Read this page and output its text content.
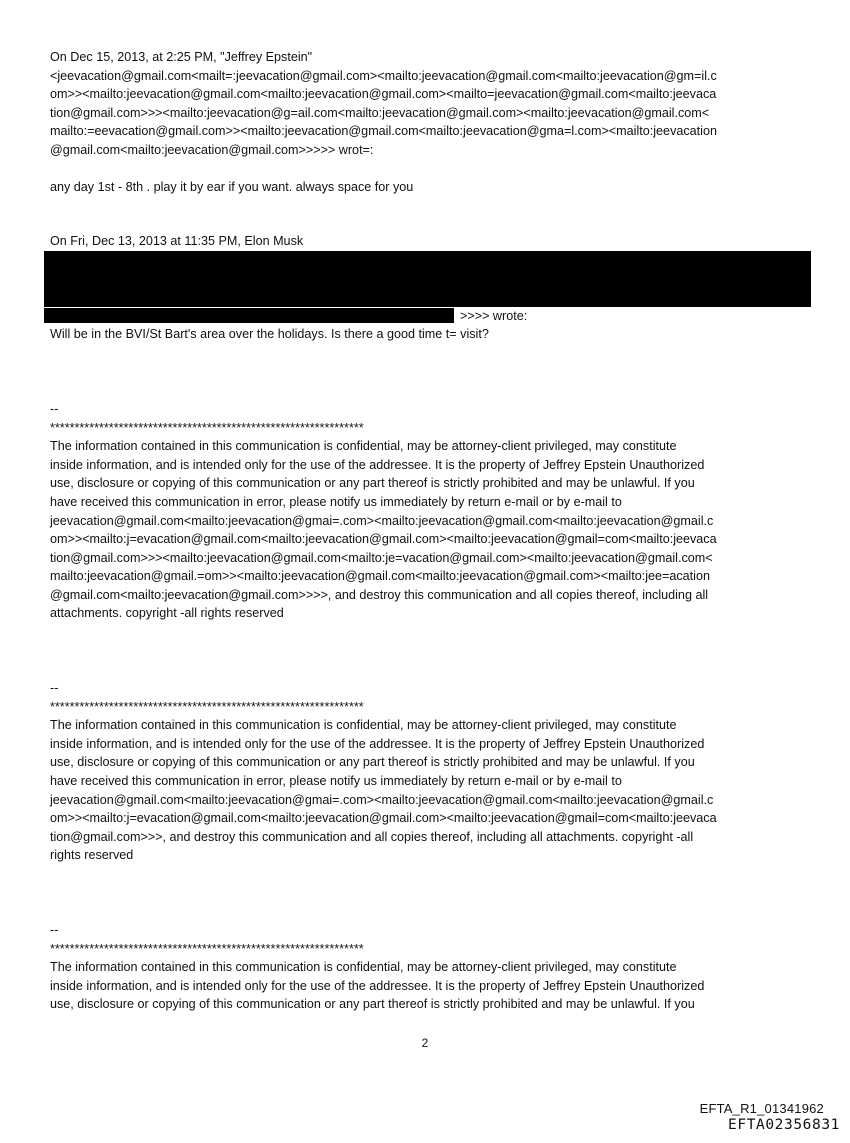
On Dec 15, 2013, at 2:25 PM, "Jeffrey Epstein"
<jeevacation@gmail.com<mailt=:jeevacation@gmail.com><mailto:jeevacation@gmail.com<mailto:jeevacation@gm=il.c
om>><mailto:jeevacation@gmail.com<mailto:jeevacation@gmail.com><mailto=jeevacation@gmail.com<mailto:jeevaca
tion@gmail.com>>><mailto:jeevacation@g=ail.com<mailto:jeevacation@gmail.com><mailto:jeevacation@gmail.com<
mailto:=eevacation@gmail.com>><mailto:jeevacation@gmail.com<mailto:jeevacation@gma=l.com><mailto:jeevacation
@gmail.com<mailto:jeevacation@gmail.com>>>>> wrot=:
any day 1st - 8th . play it by ear if you want. always space for you
On Fri, Dec 13, 2013 at 11:35 PM, Elon Musk
>>>> wrote:
Will be in the BVI/St Bart's area over the holidays. Is there a good time t= visit?
--
****************************************************************
The information contained in this communication is confidential, may be attorney-client privileged, may constitute
inside information, and is intended only for the use of the addressee. It is the property of Jeffrey Epstein Unauthorized
use, disclosure or copying of this communication or any part thereof is strictly prohibited and may be unlawful. If you
have received this communication in error, please notify us immediately by return e-mail or by e-mail to
jeevacation@gmail.com<mailto:jeevacation@gmai=.com><mailto:jeevacation@gmail.com<mailto:jeevacation@gmail.c
om>><mailto:j=evacation@gmail.com<mailto:jeevacation@gmail.com><mailto:jeevacation@gmail=com<mailto:jeevaca
tion@gmail.com>>><mailto:jeevacation@gmail.com<mailto:je=vacation@gmail.com><mailto:jeevacation@gmail.com<
mailto:jeevacation@gmail.=om>><mailto:jeevacation@gmail.com<mailto:jeevacation@gmail.com><mailto:jee=acation
@gmail.com<mailto:jeevacation@gmail.com>>>>, and destroy this communication and all copies thereof, including all
attachments. copyright -all rights reserved
--
****************************************************************
The information contained in this communication is confidential, may be attorney-client privileged, may constitute
inside information, and is intended only for the use of the addressee. It is the property of Jeffrey Epstein Unauthorized
use, disclosure or copying of this communication or any part thereof is strictly prohibited and may be unlawful. If you
have received this communication in error, please notify us immediately by return e-mail or by e-mail to
jeevacation@gmail.com<mailto:jeevacation@gmai=.com><mailto:jeevacation@gmail.com<mailto:jeevacation@gmail.c
om>><mailto:j=evacation@gmail.com<mailto:jeevacation@gmail.com><mailto:jeevacation@gmail=com<mailto:jeevaca
tion@gmail.com>>>, and destroy this communication and all copies thereof, including all attachments. copyright -all
rights reserved
--
****************************************************************
The information contained in this communication is confidential, may be attorney-client privileged, may constitute
inside information, and is intended only for the use of the addressee. It is the property of Jeffrey Epstein Unauthorized
use, disclosure or copying of this communication or any part thereof is strictly prohibited and may be unlawful. If you
2
EFTA_R1_01341962
EFTA02356831
